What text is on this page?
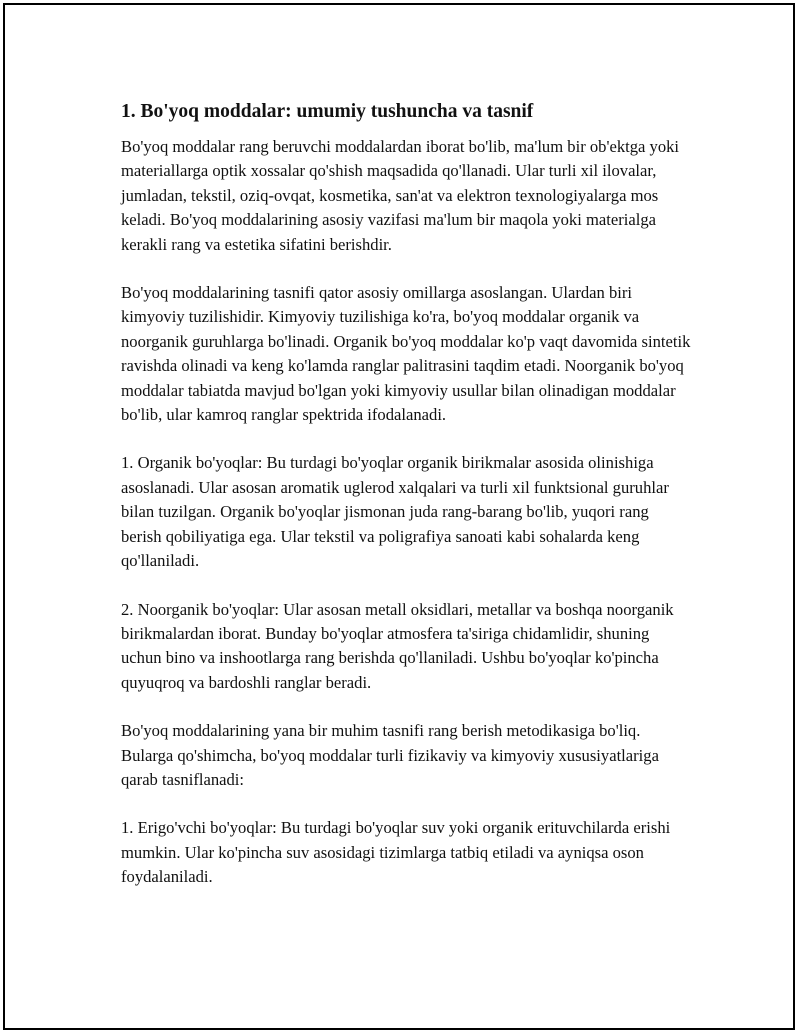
1. Bo'yoq moddalar: umumiy tushuncha va tasnif

Bo'yoq moddalar rang beruvchi moddalardan iborat bo'lib, ma'lum bir ob'ektga yoki materiallarga optik xossalar qo'shish maqsadida qo'llanadi. Ular turli xil ilovalar, jumladan, tekstil, oziq-ovqat, kosmetika, san'at va elektron texnologiyalarga mos keladi. Bo'yoq moddalarining asosiy vazifasi ma'lum bir maqola yoki materialga kerakli rang va estetika sifatini berishdir.

Bo'yoq moddalarining tasnifi qator asosiy omillarga asoslangan. Ulardan biri kimyoviy tuzilishidir. Kimyoviy tuzilishiga ko'ra, bo'yoq moddalar organik va noorganik guruhlarga bo'linadi. Organik bo'yoq moddalar ko'p vaqt davomida sintetik ravishda olinadi va keng ko'lamda ranglar palitrasini taqdim etadi. Noorganik bo'yoq moddalar tabiatda mavjud bo'lgan yoki kimyoviy usullar bilan olinadigan moddalar bo'lib, ular kamroq ranglar spektrida ifodalanadi.

1. Organik bo'yoqlar: Bu turdagi bo'yoqlar organik birikmalar asosida olinishiga asoslanadi. Ular asosan aromatik uglerod xalqalari va turli xil funktsional guruhlar bilan tuzilgan. Organik bo'yoqlar jismonan juda rang-barang bo'lib, yuqori rang berish qobiliyatiga ega. Ular tekstil va poligrafiya sanoati kabi sohalarda keng qo'llaniladi.

2. Noorganik bo'yoqlar: Ular asosan metall oksidlari, metallar va boshqa noorganik birikmalardan iborat. Bunday bo'yoqlar atmosfera ta'siriga chidamlidir, shuning uchun bino va inshootlarga rang berishda qo'llaniladi. Ushbu bo'yoqlar ko'pincha quyuqroq va bardoshli ranglar beradi.

Bo'yoq moddalarining yana bir muhim tasnifi rang berish metodikasiga bo'liq. Bularga qo'shimcha, bo'yoq moddalar turli fizikaviy va kimyoviy xususiyatlariga qarab tasniflanadi:

1. Erigo'vchi bo'yoqlar: Bu turdagi bo'yoqlar suv yoki organik erituvchilarda erishi mumkin. Ular ko'pincha suv asosidagi tizimlarga tatbiq etiladi va ayniqsa oson foydalaniladi.
